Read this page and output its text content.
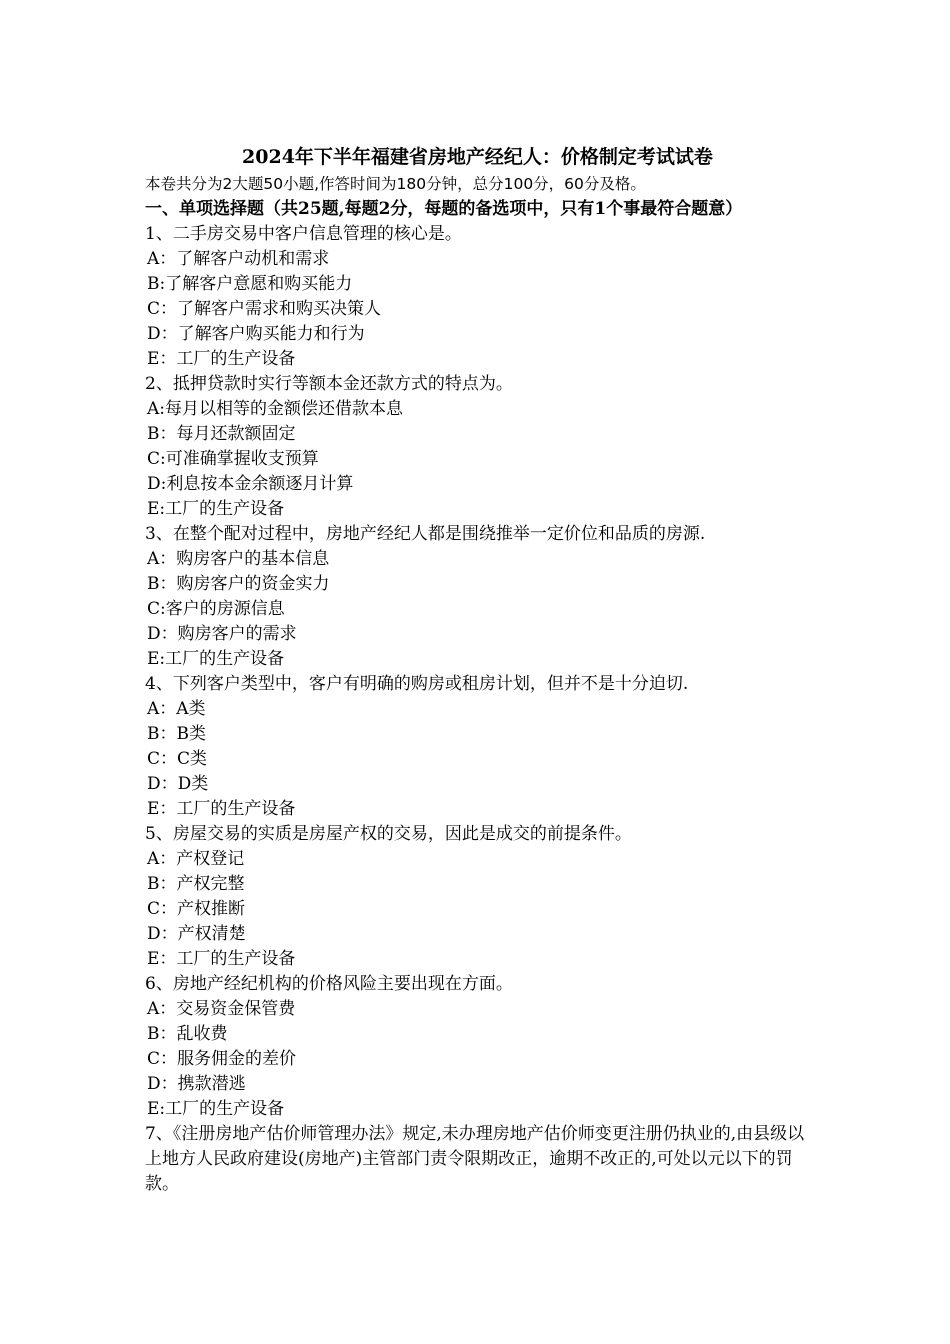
2024年下半年福建省房地产经纪人：价格制定考试试卷

本卷共分为2大题50小题,作答时间为180分钟，总分100分，60分及格。

一、单项选择题（共25题,每题2分，每题的备选项中，只有1个事最符合题意）

1、二手房交易中客户信息管理的核心是。

A：了解客户动机和需求

B:了解客户意愿和购买能力

C：了解客户需求和购买决策人

D：了解客户购买能力和行为

E：工厂的生产设备

2、抵押贷款时实行等额本金还款方式的特点为。

A:每月以相等的金额偿还借款本息

B：每月还款额固定

C:可准确掌握收支预算

D:利息按本金余额逐月计算

E:工厂的生产设备

3、在整个配对过程中，房地产经纪人都是围绕推举一定价位和品质的房源.

A：购房客户的基本信息

B：购房客户的资金实力

C:客户的房源信息

D：购房客户的需求

E:工厂的生产设备

4、下列客户类型中，客户有明确的购房或租房计划，但并不是十分迫切.

A：A类

B：B类

C：C类

D：D类

E：工厂的生产设备

5、房屋交易的实质是房屋产权的交易，因此是成交的前提条件。

A：产权登记

B：产权完整

C：产权推断

D：产权清楚

E：工厂的生产设备

6、房地产经纪机构的价格风险主要出现在方面。

A：交易资金保管费

B：乱收费

C：服务佣金的差价

D：携款潜逃

E:工厂的生产设备

7、《注册房地产估价师管理办法》规定,未办理房地产估价师变更注册仍执业的,由县级以上地方人民政府建设(房地产)主管部门责令限期改正，逾期不改正的,可处以元以下的罚款。
